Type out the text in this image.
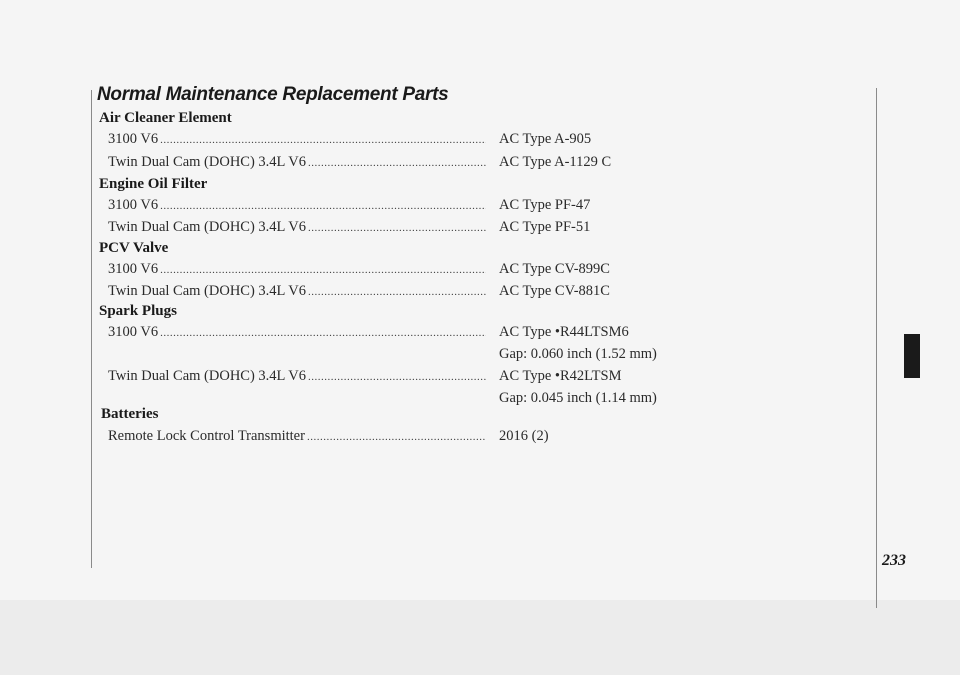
Normal Maintenance Replacement Parts
Air Cleaner Element
3100 V6 .....	AC Type A-905
Twin Dual Cam (DOHC) 3.4L V6 .....	AC Type A-1129 C
Engine Oil Filter
3100 V6 .....	AC Type PF-47
Twin Dual Cam (DOHC) 3.4L V6 .....	AC Type PF-51
PCV Valve
3100 V6 .....	AC Type CV-899C
Twin Dual Cam (DOHC) 3.4L V6 .....	AC Type CV-881C
Spark Plugs
3100 V6 .....	AC Type •R44LTSM6
Gap: 0.060 inch (1.52 mm)
Twin Dual Cam (DOHC) 3.4L V6 .....	AC Type •R42LTSM
Gap: 0.045 inch (1.14 mm)
Batteries
Remote Lock Control Transmitter .....	2016 (2)
233
